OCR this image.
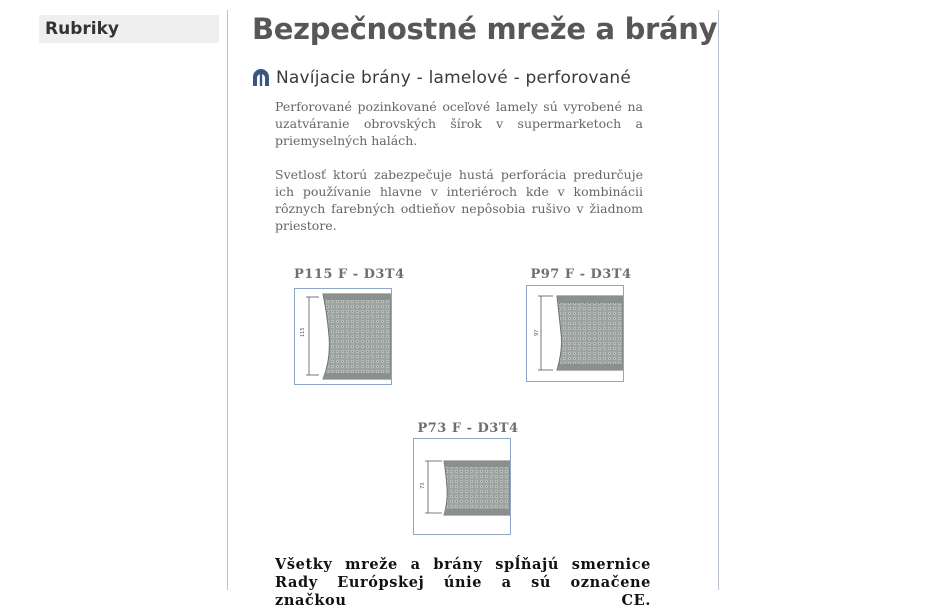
Rubriky	Bezpečnostné mreže a brány
Navíjacie brány - lamelové - perforované

Perforované pozinkované oceľové lamely sú vyrobené na uzatváranie obrovských šírok v supermarketoch a priemyselných halách.

Svetlosť ktorú zabezpečuje hustá perforácia predurčuje ich používanie hlavne v interiéroch kde v kombinácii rôznych farebných odtieňov nepôsobia rušivo v žiadnom priestore.

P115 F - D3T4
115
P97 F - D3T4
97
P73 F - D3T4
73

Všetky mreže a brány spĺňajú smernice Rady Európskej únie a sú označene značkou CE.
